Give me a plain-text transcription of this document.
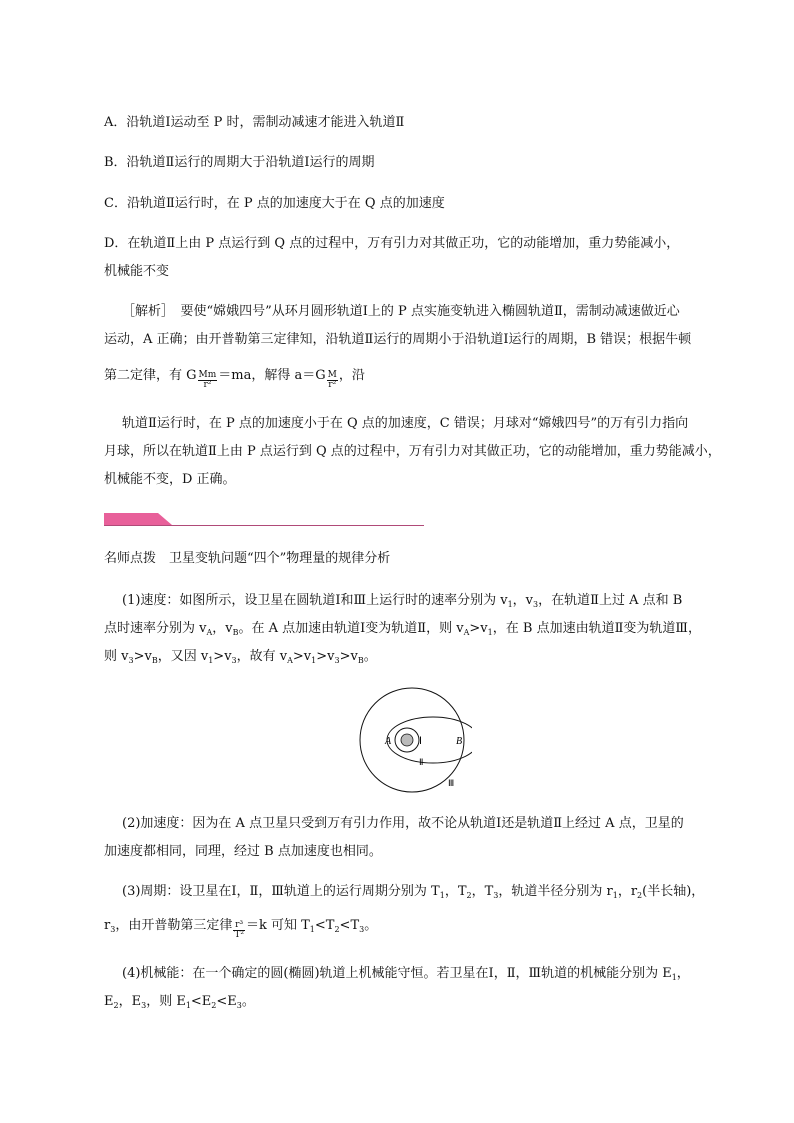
A．沿轨道Ⅰ运动至 P 时，需制动减速才能进入轨道Ⅱ
B．沿轨道Ⅱ运行的周期大于沿轨道Ⅰ运行的周期
C．沿轨道Ⅱ运行时，在 P 点的加速度大于在 Q 点的加速度
D．在轨道Ⅱ上由 P 点运行到 Q 点的过程中，万有引力对其做正功，它的动能增加，重力势能减小，
机械能不变
［解析］　要使“嫦娥四号”从环月圆形轨道Ⅰ上的 P 点实施变轨进入椭圆轨道Ⅱ，需制动减速做近心
运动，A 正确；由开普勒第三定律知，沿轨道Ⅱ运行的周期小于沿轨道Ⅰ运行的周期，B 错误；根据牛顿
第二定律，有 G $\frac{Mm}{\text{r²}} =ma$，解得 $a=G \frac{M}{\text{r²}}$ ，沿
轨道Ⅱ运行时，在 P 点的加速度小于在 Q 点的加速度，C 错误；月球对“嫦娥四号”的万有引力指向
月球，所以在轨道Ⅱ上由 P 点运行到 Q 点的过程中，万有引力对其做正功，它的动能增加，重力势能减小，
机械能不变，D 正确。
名师点拨　卫星变轨问题“四个”物理量的规律分析
(1)速度：如图所示，设卫星在圆轨道Ⅰ和Ⅲ上运行时的速率分别为 $v_1$，$v_3$，在轨道Ⅱ上过 A 点和 B
点时速率分别为 $v_A$，$v_B$。在 A 点加速由轨道Ⅰ变为轨道Ⅱ，则 $v_A>v_1$，在 B 点加速由轨道Ⅱ变为轨道Ⅲ，
则 $v_3>v_B$，又因 $v_1>v_3$，故有 $v_A>v_1>v_3>v_B$。
A	Ⅰ	B
Ⅱ
Ⅲ
(2)加速度：因为在 A 点卫星只受到万有引力作用，故不论从轨道Ⅰ还是轨道Ⅱ上经过 A 点，卫星的
加速度都相同，同理，经过 B 点加速度也相同。
(3)周期：设卫星在Ⅰ，Ⅱ，Ⅲ轨道上的运行周期分别为 $T_1$，$T_2$，$T_3$，轨道半径分别为 $r_1$，$r_2$(半长轴)，
$r_3$，由开普勒第三定律 $\frac{\text{r³}}{\text{T²}} =k$ 可知 $T_1<T_2<T_3$。
(4)机械能：在一个确定的圆(椭圆)轨道上机械能守恒。若卫星在Ⅰ，Ⅱ，Ⅲ轨道的机械能分别为 $E_1$，
$E_2$，$E_3$，则 $E_1<E_2<E_3$。
